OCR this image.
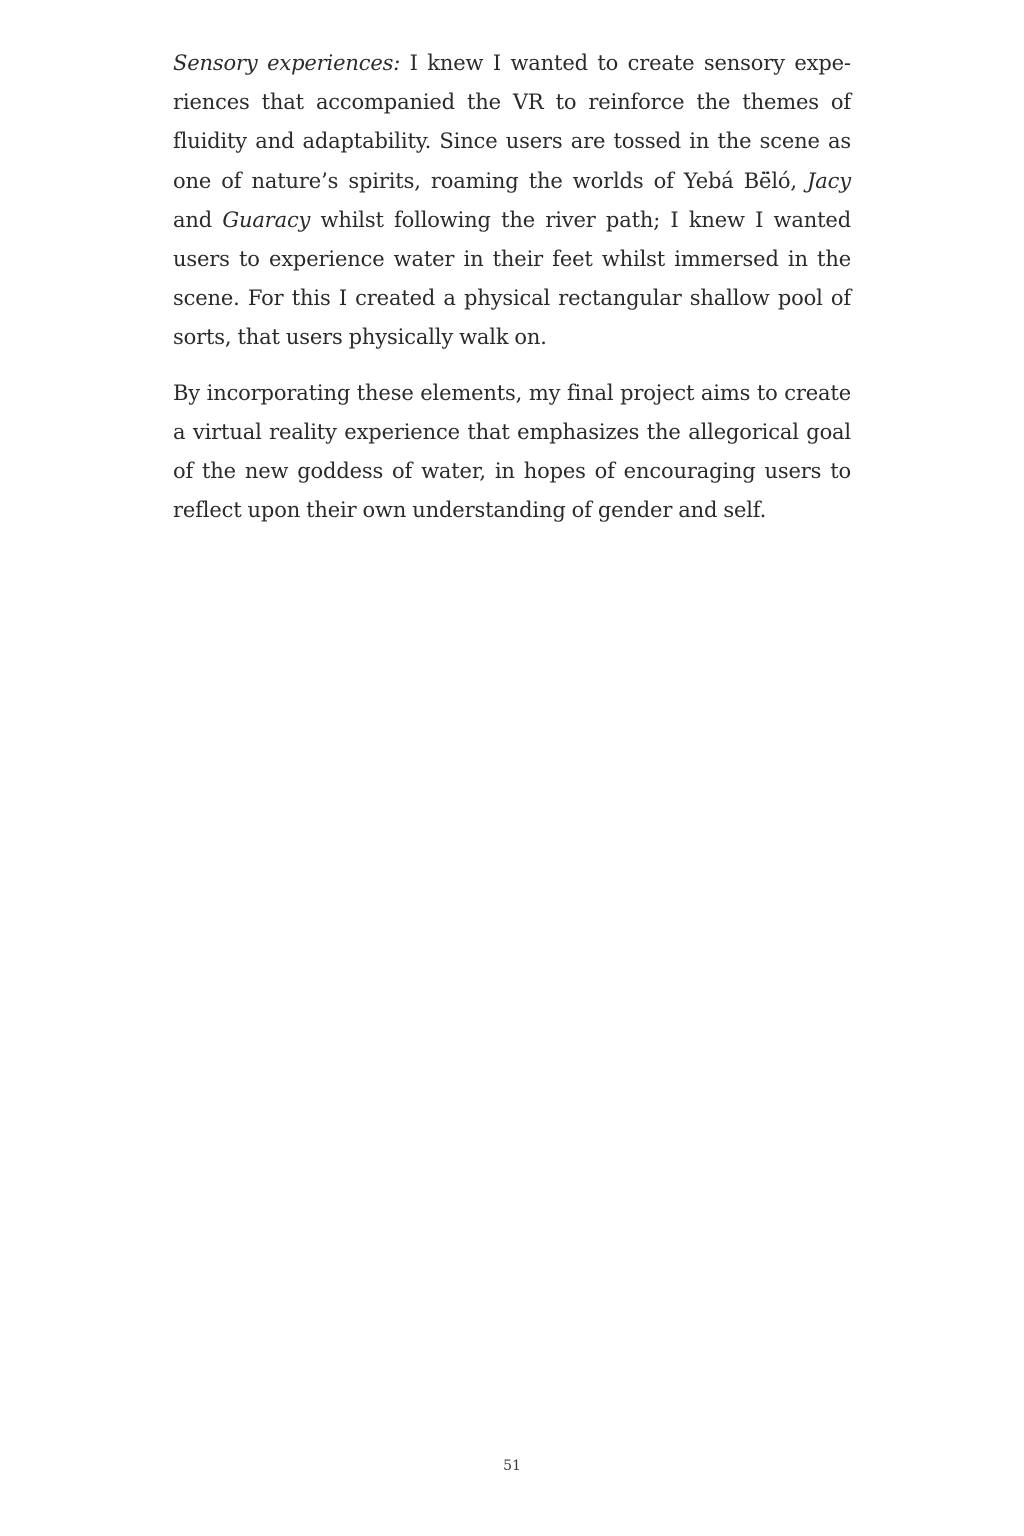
Sensory experiences: I knew I wanted to create sensory experiences that accompanied the VR to reinforce the themes of fluidity and adaptability. Since users are tossed in the scene as one of nature’s spirits, roaming the worlds of Yebá Bë̈ló, Jacy and Guaracy whilst following the river path; I knew I wanted users to experience water in their feet whilst immersed in the scene. For this I created a physical rectangular shallow pool of sorts, that users physically walk on.

By incorporating these elements, my final project aims to create a virtual reality experience that emphasizes the allegorical goal of the new goddess of water, in hopes of encouraging users to reflect upon their own understanding of gender and self.

51
